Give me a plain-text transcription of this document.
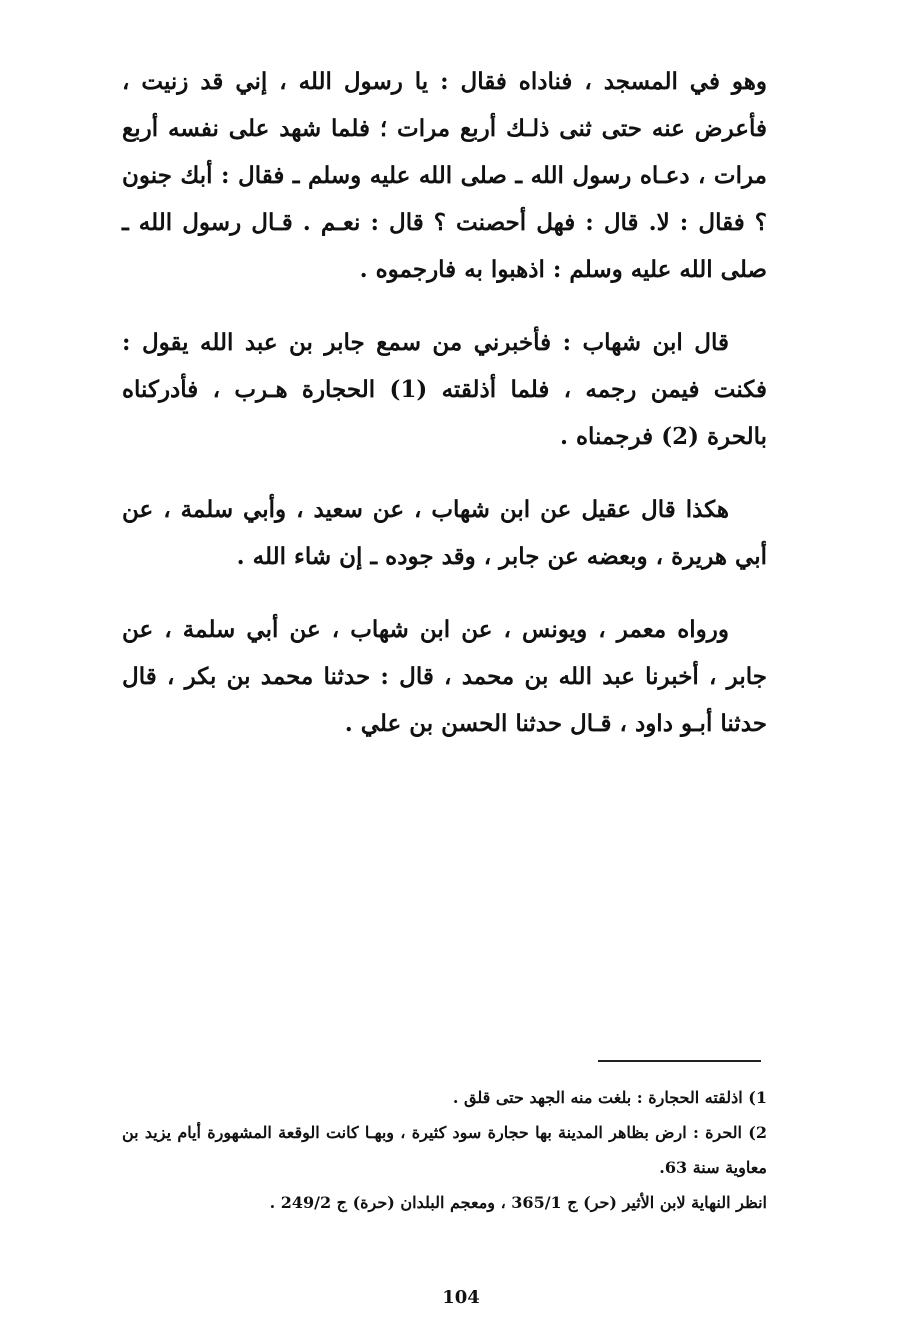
وهو في المسجد ، فناداه فقال : يا رسول الله ، إني قد زنيت ، فأعرض عنه حتى ثنى ذلـك أربع مرات ؛ فلما شهد على نفسه أربع مرات ، دعـاه رسول الله ـ صلى الله عليه وسلم ـ فقال : أبك جنون ؟ فقال : لا. قال : فهل أحصنت ؟ قال : نعـم . قـال رسول الله ـ صلى الله عليه وسلم : اذهبوا به فارجموه .

قال ابن شهاب : فأخبرني من سمع جابر بن عبد الله يقول : فكنت فيمن رجمه ، فلما أذلقته (1) الحجارة هـرب ، فأدركناه بالحرة (2) فرجمناه .

هكذا قال عقيل عن ابن شهاب ، عن سعيد ، وأبي سلمة ، عن أبي هريرة ، وبعضه عن جابر ، وقد جوده ـ إن شاء الله .

ورواه معمر ، ويونس ، عن ابن شهاب ، عن أبي سلمة ، عن جابر ، أخبرنا عبد الله بن محمد ، قال : حدثنا محمد بن بكر ، قال حدثنا أبـو داود ، قـال حدثنا الحسن بن علي .

1) اذلقته الحجارة : بلغت منه الجهد حتى قلق .

2) الحرة : ارض بظاهر المدينة بها حجارة سود كثيرة ، وبهـا كانت الوقعة المشهورة أيام يزيد بن معاوية سنة 63.

انظر النهاية لابن الأثير (حر) ج 365/1 ، ومعجم البلدان (حرة) ج 249/2 .

104
